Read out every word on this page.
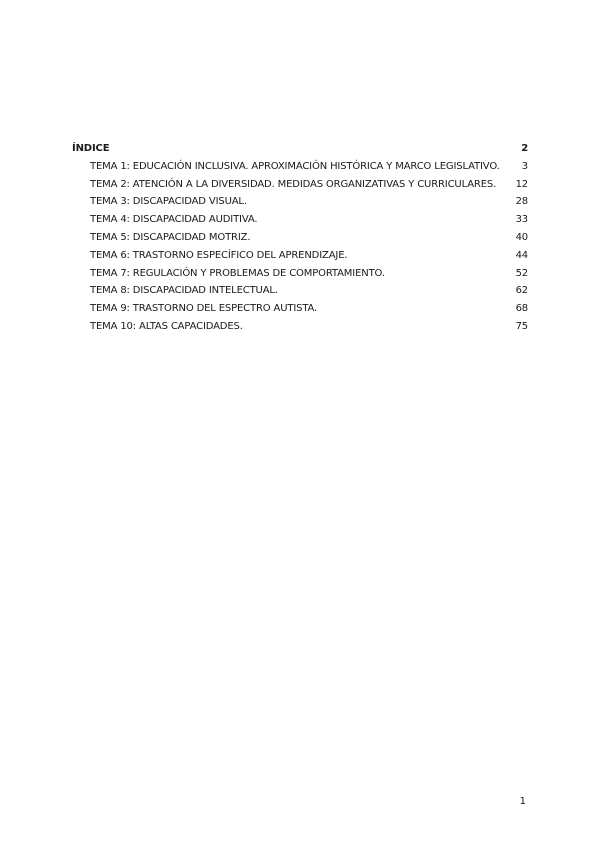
ÍNDICE	2
TEMA 1: EDUCACIÓN INCLUSIVA. APROXIMACIÓN HISTÓRICA Y MARCO LEGISLATIVO.	3
TEMA 2: ATENCIÓN A LA DIVERSIDAD. MEDIDAS ORGANIZATIVAS Y CURRICULARES.	12
TEMA 3: DISCAPACIDAD VISUAL.	28
TEMA 4: DISCAPACIDAD AUDITIVA.	33
TEMA 5: DISCAPACIDAD MOTRIZ.	40
TEMA 6: TRASTORNO ESPECÍFICO DEL APRENDIZAJE.	44
TEMA 7: REGULACIÓN Y PROBLEMAS DE COMPORTAMIENTO.	52
TEMA 8: DISCAPACIDAD INTELECTUAL.	62
TEMA 9: TRASTORNO DEL ESPECTRO AUTISTA.	68
TEMA 10: ALTAS CAPACIDADES.	75
1
